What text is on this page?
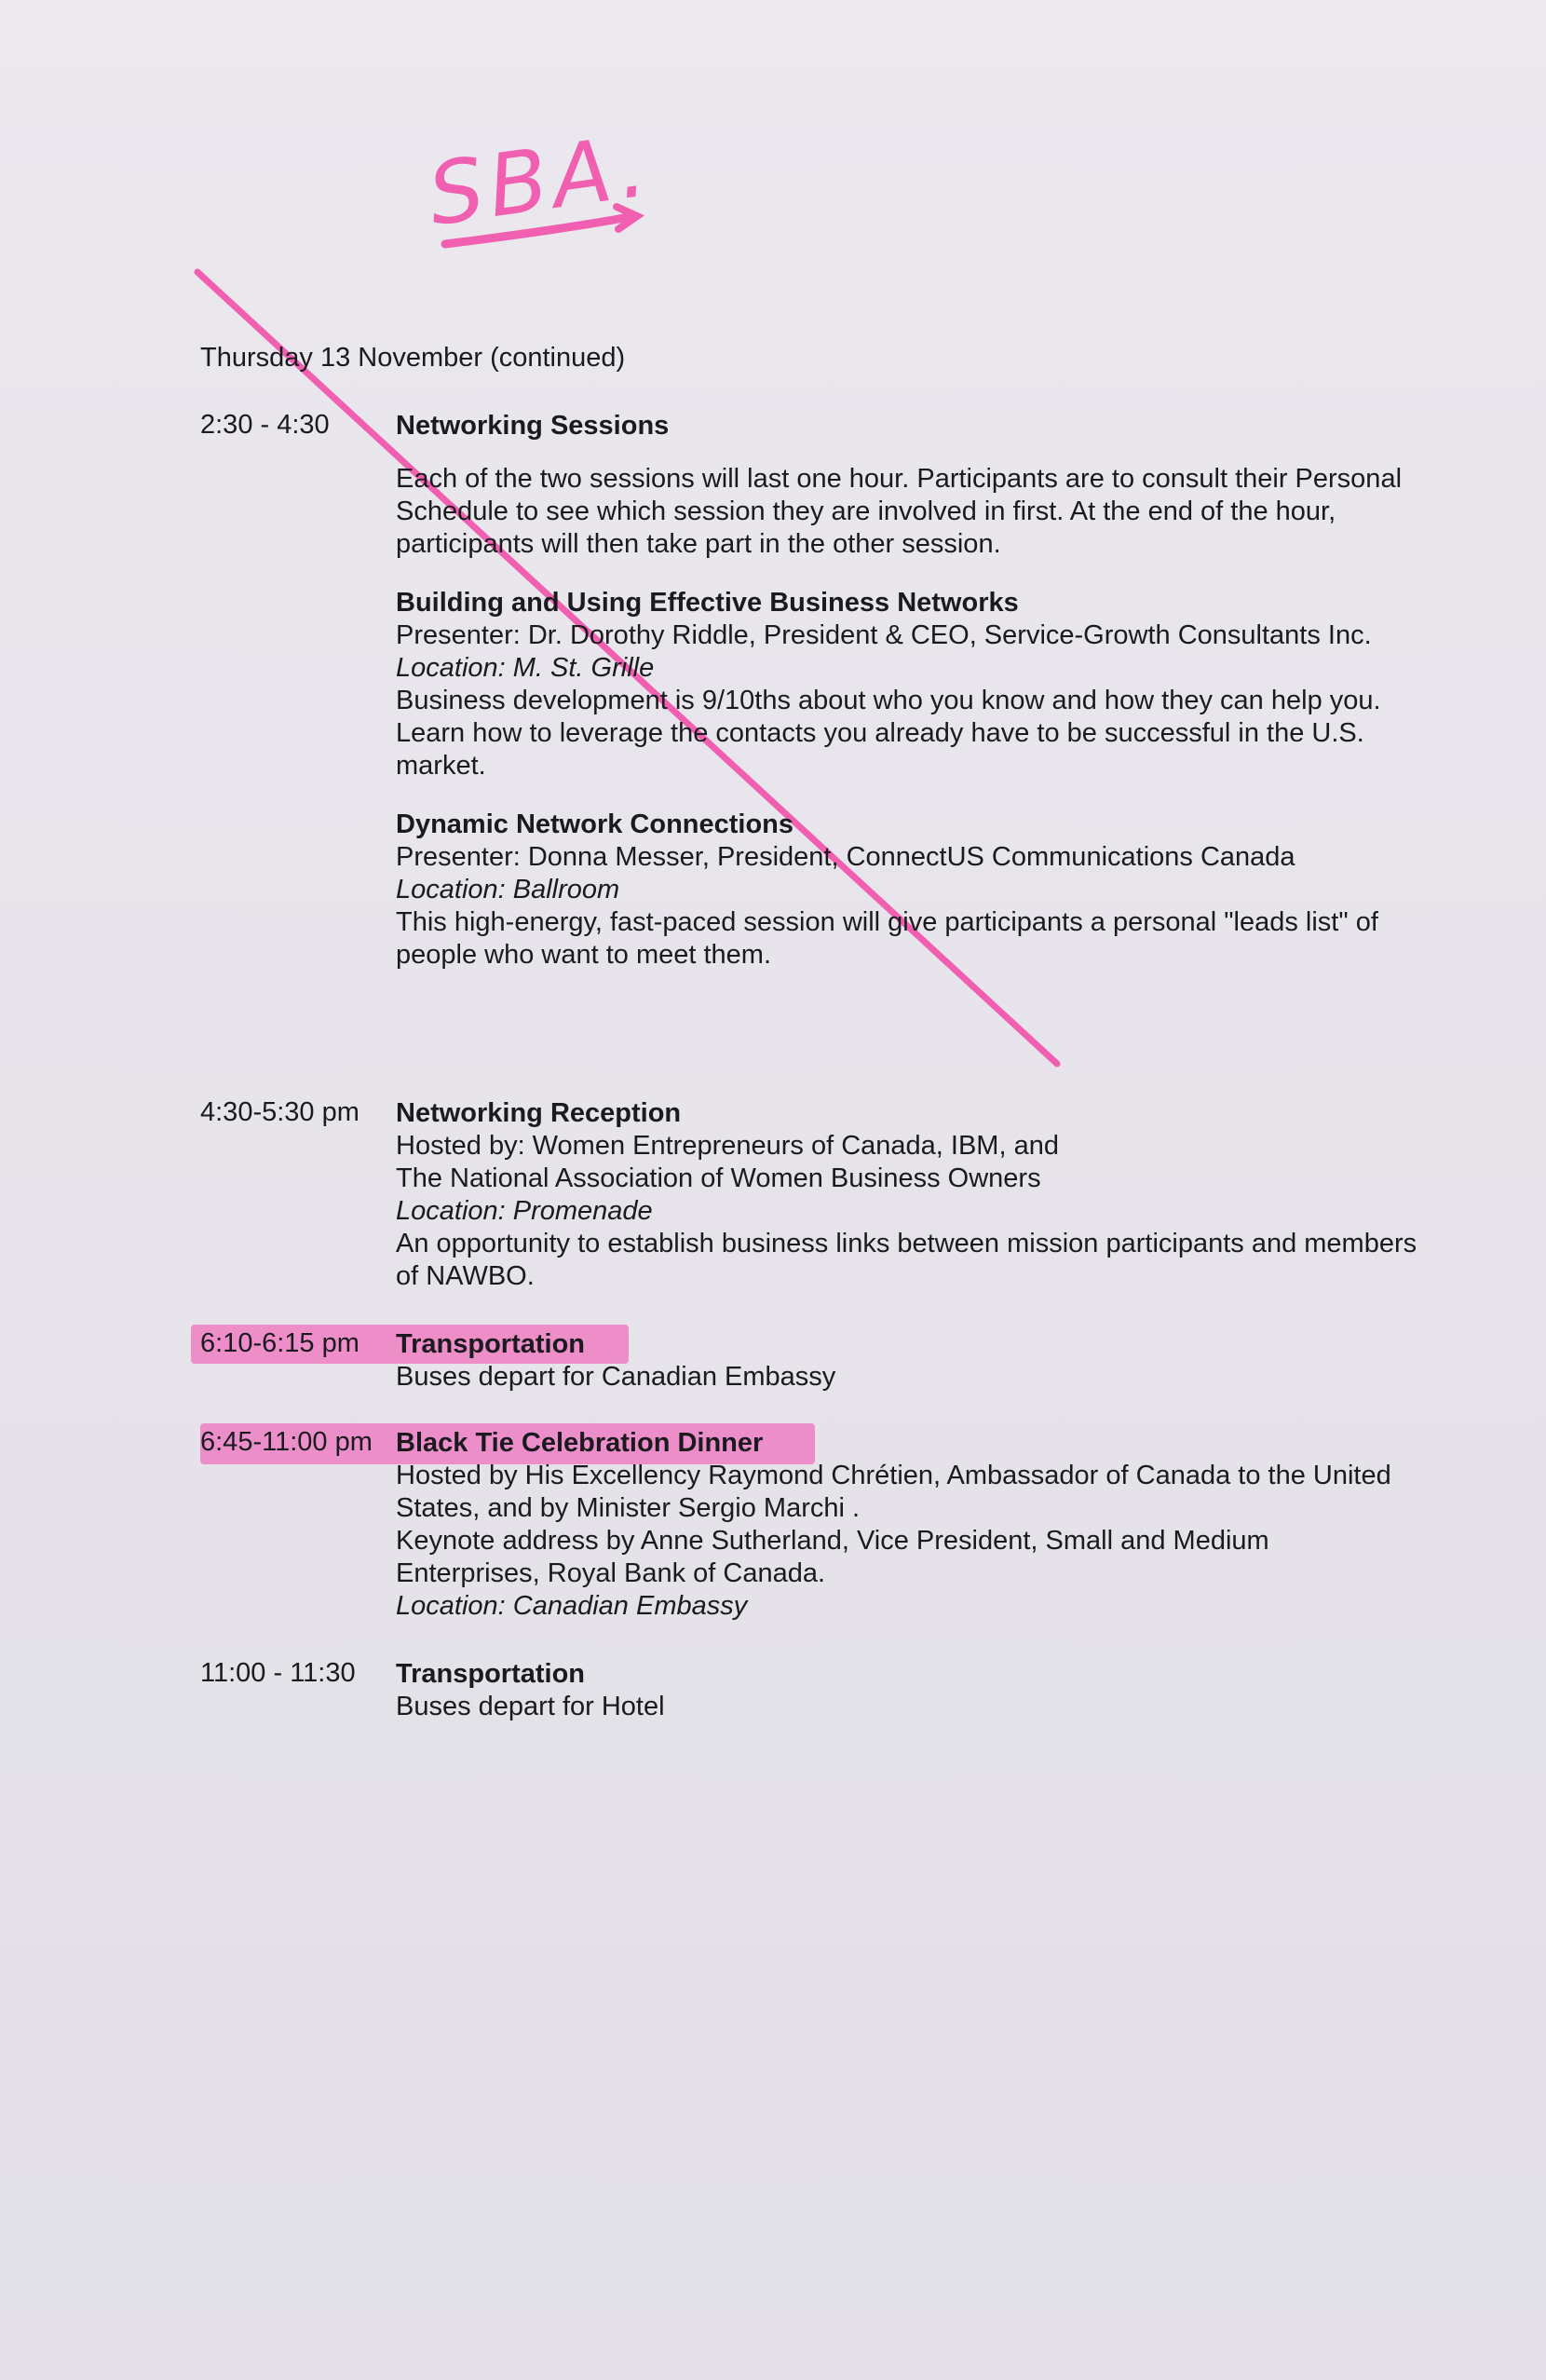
SBA.
Thursday 13 November (continued)
2:30 - 4:30	Networking Sessions
Each of the two sessions will last one hour. Participants are to consult their Personal Schedule to see which session they are involved in first. At the end of the hour, participants will then take part in the other session.
Building and Using Effective Business Networks
Presenter: Dr. Dorothy Riddle, President & CEO, Service-Growth Consultants Inc.
Location: M. St. Grille
Business development is 9/10ths about who you know and how they can help you. Learn how to leverage the contacts you already have to be successful in the U.S. market.
Dynamic Network Connections
Presenter: Donna Messer, President, ConnectUS Communications Canada
Location: Ballroom
This high-energy, fast-paced session will give participants a personal "leads list" of people who want to meet them.
4:30-5:30 pm	Networking Reception
Hosted by: Women Entrepreneurs of Canada, IBM, and
The National Association of Women Business Owners
Location: Promenade
An opportunity to establish business links between mission participants and members of NAWBO.
6:10-6:15 pm	Transportation
Buses depart for Canadian Embassy
6:45-11:00 pm Black Tie Celebration Dinner
Hosted by His Excellency Raymond Chrétien, Ambassador of Canada to the United States, and by Minister Sergio Marchi .
Keynote address by Anne Sutherland, Vice President, Small and Medium Enterprises, Royal Bank of Canada.
Location: Canadian Embassy
11:00 - 11:30	Transportation
Buses depart for Hotel
